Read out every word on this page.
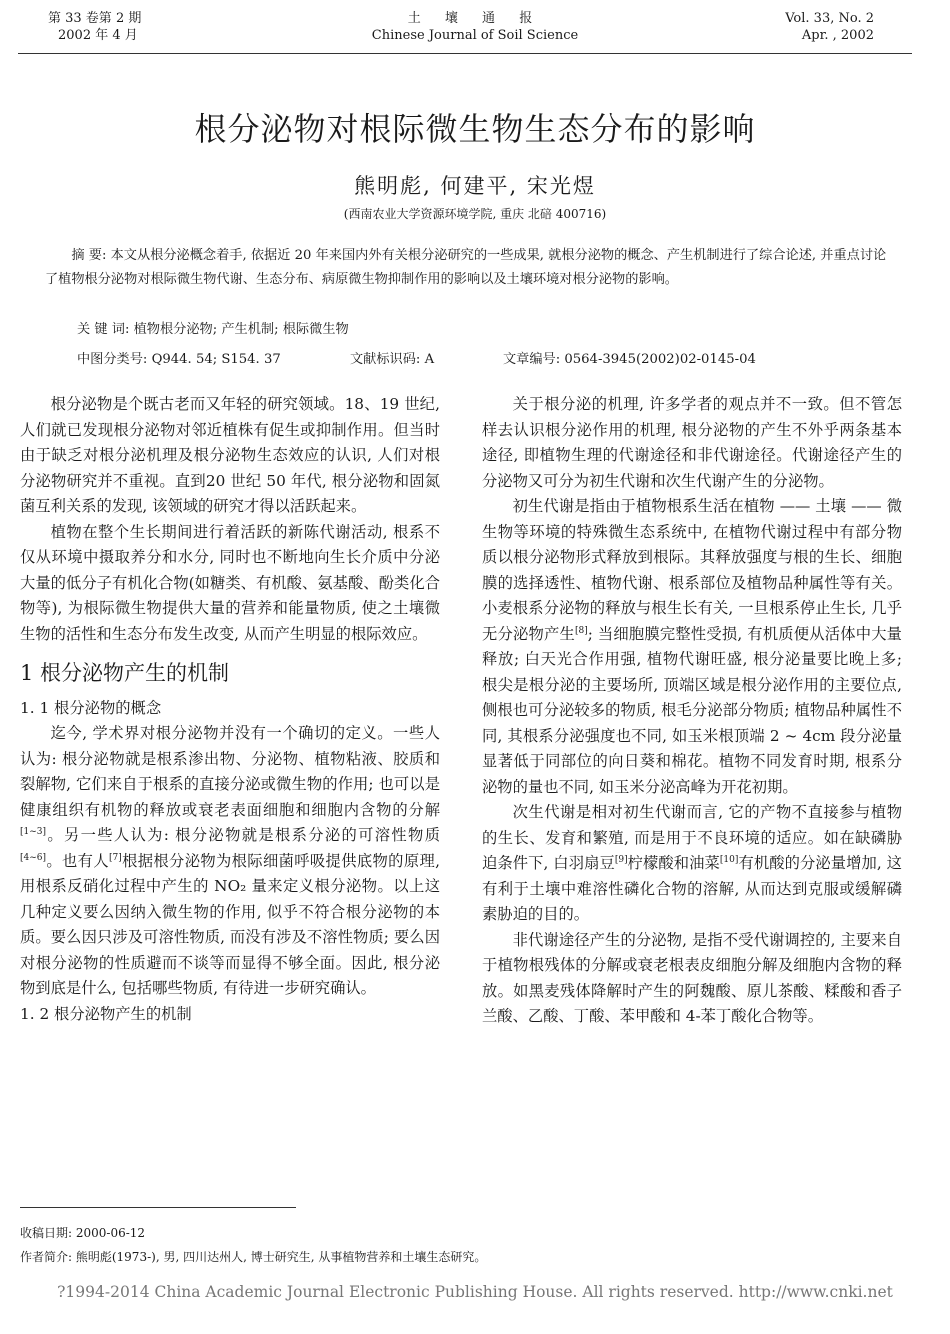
第 33 卷第 2 期
2002 年 4 月
土 壤 通 报
Chinese Journal of Soil Science
Vol. 33, No. 2
Apr. , 2002
根分泌物对根际微生物生态分布的影响
熊明彪, 何建平, 宋光煜
(西南农业大学资源环境学院, 重庆 北碚 400716)
摘 要: 本文从根分泌概念着手, 依据近 20 年来国内外有关根分泌研究的一些成果, 就根分泌物的概念、产生机制进行了综合论述, 并重点讨论了植物根分泌物对根际微生物代谢、生态分布、病原微生物抑制作用的影响以及土壤环境对根分泌物的影响。
关 键 词: 植物根分泌物; 产生机制; 根际微生物
中图分类号: Q944. 54; S154. 37	文献标识码: A	文章编号: 0564-3945(2002)02-0145-04

根分泌物是个既古老而又年轻的研究领域。18、19 世纪, 人们就已发现根分泌物对邻近植株有促生或抑制作用。但当时由于缺乏对根分泌机理及根分泌物生态效应的认识, 人们对根分泌物研究并不重视。直到20 世纪 50 年代, 根分泌物和固氮菌互利关系的发现, 该领域的研究才得以活跃起来。

植物在整个生长期间进行着活跃的新陈代谢活动, 根系不仅从环境中摄取养分和水分, 同时也不断地向生长介质中分泌大量的低分子有机化合物(如糖类、有机酸、氨基酸、酚类化合物等), 为根际微生物提供大量的营养和能量物质, 使之土壤微生物的活性和生态分布发生改变, 从而产生明显的根际效应。

1 根分泌物产生的机制
1. 1 根分泌物的概念

迄今, 学术界对根分泌物并没有一个确切的定义。一些人认为: 根分泌物就是根系渗出物、分泌物、植物粘液、胶质和裂解物, 它们来自于根系的直接分泌或微生物的作用; 也可以是健康组织有机物的释放或衰老表面细胞和细胞内含物的分解[1~3]。另一些人认为: 根分泌物就是根系分泌的可溶性物质[4~6]。也有人[7]根据根分泌物为根际细菌呼吸提供底物的原理, 用根系反硝化过程中产生的 NO₂ 量来定义根分泌物。以上这几种定义要么因纳入微生物的作用, 似乎不符合根分泌物的本质。要么因只涉及可溶性物质, 而没有涉及不溶性物质; 要么因对根分泌物的性质避而不谈等而显得不够全面。因此, 根分泌物到底是什么, 包括哪些物质, 有待进一步研究确认。

1. 2 根分泌物产生的机制

关于根分泌的机理, 许多学者的观点并不一致。但不管怎样去认识根分泌作用的机理, 根分泌物的产生不外乎两条基本途径, 即植物生理的代谢途径和非代谢途径。代谢途径产生的分泌物又可分为初生代谢和次生代谢产生的分泌物。

初生代谢是指由于植物根系生活在植物 —— 土壤 —— 微生物等环境的特殊微生态系统中, 在植物代谢过程中有部分物质以根分泌物形式释放到根际。其释放强度与根的生长、细胞膜的选择透性、植物代谢、根系部位及植物品种属性等有关。小麦根系分泌物的释放与根生长有关, 一旦根系停止生长, 几乎无分泌物产生[8]; 当细胞膜完整性受损, 有机质便从活体中大量释放; 白天光合作用强, 植物代谢旺盛, 根分泌量要比晚上多; 根尖是根分泌的主要场所, 顶端区域是根分泌作用的主要位点, 侧根也可分泌较多的物质, 根毛分泌部分物质; 植物品种属性不同, 其根系分泌强度也不同, 如玉米根顶端 2 ~ 4cm 段分泌量显著低于同部位的向日葵和棉花。植物不同发育时期, 根系分泌物的量也不同, 如玉米分泌高峰为开花初期。

次生代谢是相对初生代谢而言, 它的产物不直接参与植物的生长、发育和繁殖, 而是用于不良环境的适应。如在缺磷胁迫条件下, 白羽扇豆[9]柠檬酸和油菜[10]有机酸的分泌量增加, 这有利于土壤中难溶性磷化合物的溶解, 从而达到克服或缓解磷素胁迫的目的。

非代谢途径产生的分泌物, 是指不受代谢调控的, 主要来自于植物根残体的分解或衰老根表皮细胞分解及细胞内含物的释放。如黑麦残体降解时产生的阿魏酸、原儿茶酸、糅酸和香子兰酸、乙酸、丁酸、苯甲酸和 4-苯丁酸化合物等。

收稿日期: 2000-06-12
作者简介: 熊明彪(1973-), 男, 四川达州人, 博士研究生, 从事植物营养和土壤生态研究。
?1994-2014 China Academic Journal Electronic Publishing House. All rights reserved. http://www.cnki.net
